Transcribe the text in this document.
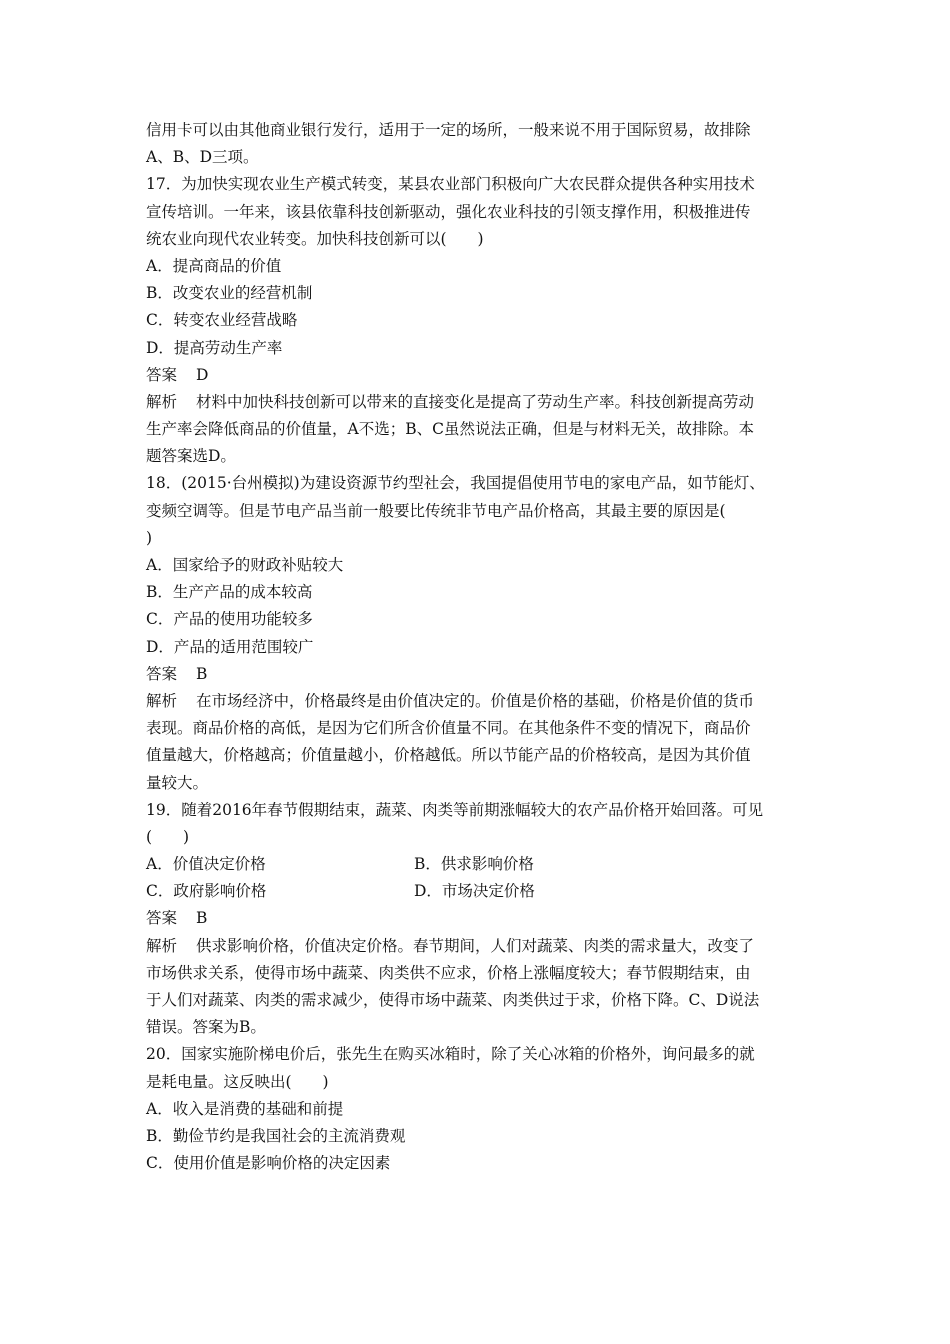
信用卡可以由其他商业银行发行，适用于一定的场所，一般来说不用于国际贸易，故排除
A、B、D三项。
17．为加快实现农业生产模式转变，某县农业部门积极向广大农民群众提供各种实用技术
宣传培训。一年来，该县依靠科技创新驱动，强化农业科技的引领支撑作用，积极推进传
统农业向现代农业转变。加快科技创新可以(　　)
A．提高商品的价值
B．改变农业的经营机制
C．转变农业经营战略
D．提高劳动生产率
答案 D
解析 材料中加快科技创新可以带来的直接变化是提高了劳动生产率。科技创新提高劳动
生产率会降低商品的价值量，A不选；B、C虽然说法正确，但是与材料无关，故排除。本
题答案选D。
18．(2015·台州模拟)为建设资源节约型社会，我国提倡使用节电的家电产品，如节能灯、
变频空调等。但是节电产品当前一般要比传统非节电产品价格高，其最主要的原因是(
)
A．国家给予的财政补贴较大
B．生产产品的成本较高
C．产品的使用功能较多
D．产品的适用范围较广
答案 B
解析 在市场经济中，价格最终是由价值决定的。价值是价格的基础，价格是价值的货币
表现。商品价格的高低，是因为它们所含价值量不同。在其他条件不变的情况下，商品价
值量越大，价格越高；价值量越小，价格越低。所以节能产品的价格较高，是因为其价值
量较大。
19．随着2016年春节假期结束，蔬菜、肉类等前期涨幅较大的农产品价格开始回落。可见
(　　)
A．价值决定价格	B．供求影响价格
C．政府影响价格	D．市场决定价格
答案 B
解析 供求影响价格，价值决定价格。春节期间，人们对蔬菜、肉类的需求量大，改变了
市场供求关系，使得市场中蔬菜、肉类供不应求，价格上涨幅度较大；春节假期结束，由
于人们对蔬菜、肉类的需求减少，使得市场中蔬菜、肉类供过于求，价格下降。C、D说法
错误。答案为B。
20．国家实施阶梯电价后，张先生在购买冰箱时，除了关心冰箱的价格外，询问最多的就
是耗电量。这反映出(　　)
A．收入是消费的基础和前提
B．勤俭节约是我国社会的主流消费观
C．使用价值是影响价格的决定因素
